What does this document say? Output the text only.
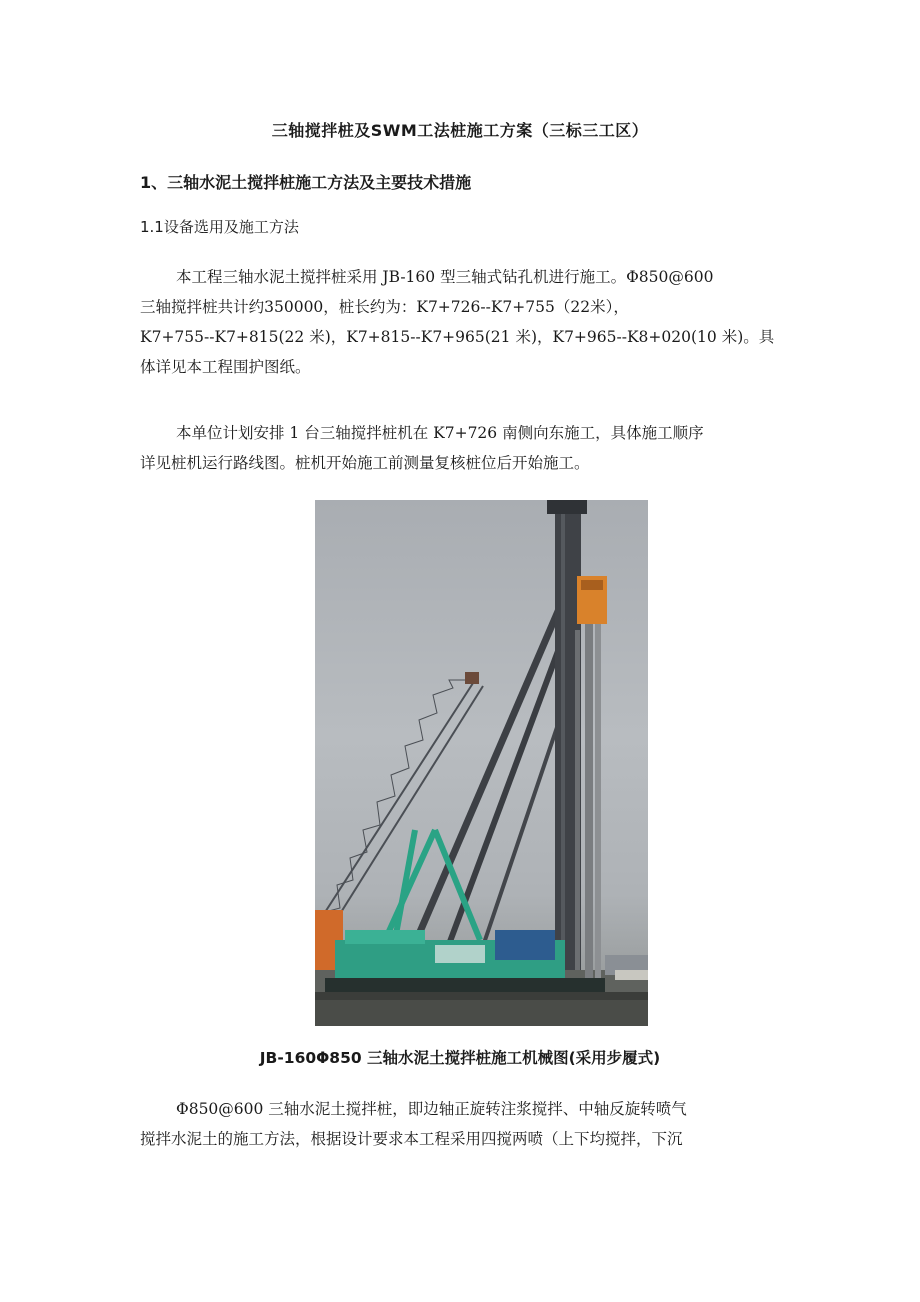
三轴搅拌桩及SWM工法桩施工方案（三标三工区）
1、三轴水泥土搅拌桩施工方法及主要技术措施
1.1设备选用及施工方法
本工程三轴水泥土搅拌桩采用 JB-160 型三轴式钻孔机进行施工。Φ850@600
三轴搅拌桩共计约350000，桩长约为：K7+726--K7+755（22米），
K7+755--K7+815(22 米)，K7+815--K7+965(21 米)，K7+965--K8+020(10 米)。具
体详见本工程围护图纸。
本单位计划安排 1 台三轴搅拌桩机在 K7+726 南侧向东施工，具体施工顺序
详见桩机运行路线图。桩机开始施工前测量复核桩位后开始施工。
JB-160Φ850 三轴水泥土搅拌桩施工机械图(采用步履式)
Φ850@600 三轴水泥土搅拌桩，即边轴正旋转注浆搅拌、中轴反旋转喷气
搅拌水泥土的施工方法，根据设计要求本工程采用四搅两喷（上下均搅拌，下沉
